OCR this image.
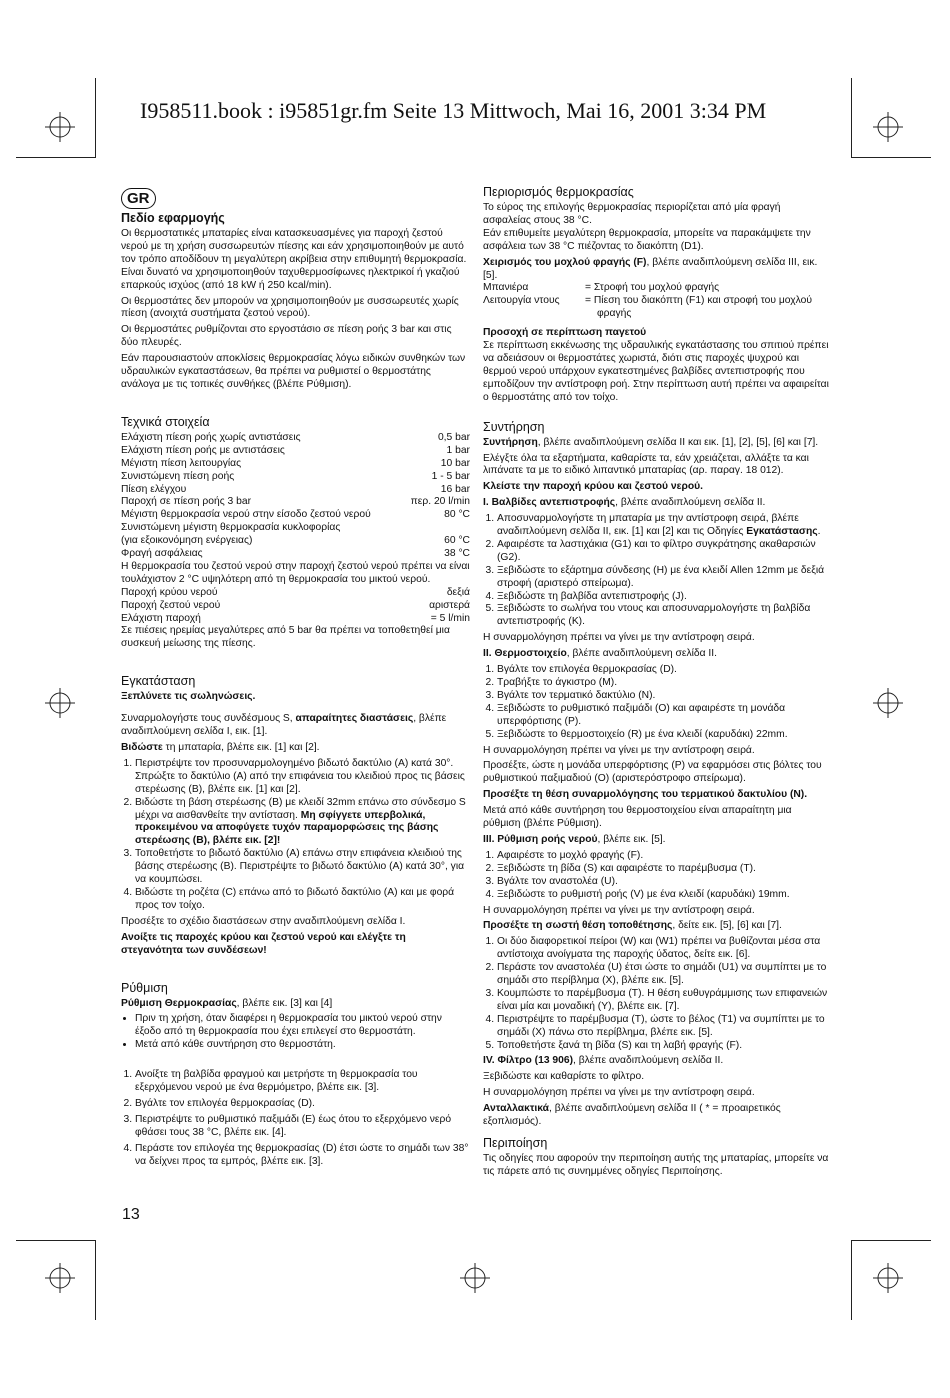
I958511.book : i95851gr.fm Seite 13 Mittwoch, Mai 16, 2001 3:34 PM
GR
Πεδίο εφαρμογής

Οι θερμοστατικές μπαταρίες είναι κατασκευασμένες για παροχή ζεστού νερού με τη χρήση συσσωρευτών πίεσης και εάν χρησιμοποιηθούν με αυτό τον τρόπο αποδίδουν τη μεγαλύτερη ακρίβεια στην επιθυμητή θερμοκρασία. Είναι δυνατό να χρησιμοποιηθούν ταχυθερμοσίφωνες ηλεκτρικοί ή γκαζιού επαρκούς ισχύος (από 18 kW ή 250 kcal/min).

Οι θερμοστάτες δεν μπορούν να χρησιμοποιηθούν με συσσωρευτές χωρίς πίεση (ανοιχτά συστήματα ζεστού νερού).

Οι θερμοστάτες ρυθμίζονται στο εργοστάσιο σε πίεση ροής 3 bar και στις δύο πλευρές.

Εάν παρουσιαστούν αποκλίσεις θερμοκρασίας λόγω ειδικών συνθηκών των υδραυλικών εγκαταστάσεων, θα πρέπει να ρυθμιστεί ο θερμοστάτης ανάλογα με τις τοπικές συνθήκες (βλέπε Ρύθμιση).

Τεχνικά στοιχεία
Ελάχιστη πίεση ροής χωρίς αντιστάσεις	0,5 bar
Ελάχιστη πίεση ροής με αντιστάσεις	1 bar
Μέγιστη πίεση λειτουργίας	10 bar
Συνιστώμενη πίεση ροής	1 - 5 bar
Πίεση ελέγχου	16 bar
Παροχή σε πίεση ροής 3 bar	περ. 20 l/min
Μέγιστη θερμοκρασία νερού στην είσοδο ζεστού νερού	80 °C
Συνιστώμενη μέγιστη θερμοκρασία κυκλοφορίας
(για εξοικονόμηση ενέργειας)	60 °C
Φραγή ασφάλειας	38 °C
Η θερμοκρασία του ζεστού νερού στην παροχή ζεστού νερού πρέπει να είναι τουλάχιστον 2 °C υψηλότερη από τη θερμοκρασία του μικτού νερού.
Παροχή κρύου νερού	δεξιά
Παροχή ζεστού νερού	αριστερά
Ελάχιστη παροχή	= 5 l/min

Σε πιέσεις ηρεμίας μεγαλύτερες από 5 bar θα πρέπει να τοποθετηθεί μια συσκευή μείωσης της πίεσης.

Εγκατάσταση

Ξεπλύνετε τις σωληνώσεις.

Συναρμολογήστε τους συνδέσμους S, απαραίτητες διαστάσεις, βλέπε αναδιπλούμενη σελίδα I, εικ. [1].

Βιδώστε τη μπαταρία, βλέπε εικ. [1] και [2].

1. Περιστρέψτε τον προσυναρμολογημένο βιδωτό δακτύλιο (A) κατά 30°. Σπρώξτε το δακτύλιο (A) από την επιφάνεια του κλειδιού προς τις βάσεις στερέωσης (B), βλέπε εικ. [1] και [2].
2. Βιδώστε τη βάση στερέωσης (B) με κλειδί 32mm επάνω στο σύνδεσμο S μέχρι να αισθανθείτε την αντίσταση. Μη σφίγγετε υπερβολικά, προκειμένου να αποφύγετε τυχόν παραμορφώσεις της βάσης στερέωσης (B), βλέπε εικ. [2]!
3. Τοποθετήστε το βιδωτό δακτύλιο (A) επάνω στην επιφάνεια κλειδιού της βάσης στερέωσης (B). Περιστρέψτε το βιδωτό δακτύλιο (A) κατά 30°, για να κουμπώσει.
4. Βιδώστε τη ροζέτα (C) επάνω από το βιδωτό δακτύλιο (A) και με φορά προς τον τοίχο.

Προσέξτε το σχέδιο διαστάσεων στην αναδιπλούμενη σελίδα I.

Ανοίξτε τις παροχές κρύου και ζεστού νερού και ελέγξτε τη στεγανότητα των συνδέσεων!

Ρύθμιση

Ρύθμιση Θερμοκρασίας, βλέπε εικ. [3] και [4]

• Πριν τη χρήση, όταν διαφέρει η θερμοκρασία του μικτού νερού στην έξοδο από τη θερμοκρασία που έχει επιλεγεί στο θερμοστάτη.
• Μετά από κάθε συντήρηση στο θερμοστάτη.
1. Ανοίξτε τη βαλβίδα φραγμού και μετρήστε τη θερμοκρασία του εξερχόμενου νερού με ένα θερμόμετρο, βλέπε εικ. [3].
2. Βγάλτε τον επιλογέα θερμοκρασίας (D).
3. Περιστρέψτε το ρυθμιστικό παξιμάδι (E) έως ότου το εξερχόμενο νερό φθάσει τους 38 °C, βλέπε εικ. [4].
4. Περάστε τον επιλογέα της θερμοκρασίας (D) έτσι ώστε το σημάδι των 38° να δείχνει προς τα εμπρός, βλέπε εικ. [3].
Περιορισμός θερμοκρασίας

Το εύρος της επιλογής θερμοκρασίας περιορίζεται από μία φραγή ασφαλείας στους 38 °C.

Εάν επιθυμείτε μεγαλύτερη θερμοκρασία, μπορείτε να παρακάμψετε την ασφάλεια των 38 °C πιέζοντας το διακόπτη (D1).

Χειρισμός του μοχλού φραγής (F), βλέπε αναδιπλούμενη σελίδα III, εικ. [5].

Μπανιέρα	= Στροφή του μοχλού φραγής
Λειτουργία ντους	= Πίεση του διακόπτη (F1) και στροφή του μοχλού φραγής

Προσοχή σε περίπτωση παγετού

Σε περίπτωση εκκένωσης της υδραυλικής εγκατάστασης του σπιτιού πρέπει να αδειάσουν οι θερμοστάτες χωριστά, διότι στις παροχές ψυχρού και θερμού νερού υπάρχουν εγκατεστημένες βαλβίδες αντεπιστροφής που εμποδίζουν την αντίστροφη ροή. Στην περίπτωση αυτή πρέπει να αφαιρείται ο θερμοστάτης από τον τοίχο.

Συντήρηση

Συντήρηση, βλέπε αναδιπλούμενη σελίδα II και εικ. [1], [2], [5], [6] και [7].

Ελέγξτε όλα τα εξαρτήματα, καθαρίστε τα, εάν χρειάζεται, αλλάξτε τα και λιπάνατε τα με το ειδικό λιπαντικό μπαταρίας (αρ. παραγ. 18 012).

Κλείστε την παροχή κρύου και ζεστού νερού.

I. Βαλβίδες αντεπιστροφής, βλέπε αναδιπλούμενη σελίδα II.

1. Αποσυναρμολογήστε τη μπαταρία με την αντίστροφη σειρά, βλέπε αναδιπλούμενη σελίδα II, εικ. [1] και [2] και τις Οδηγίες Εγκατάστασης.
2. Αφαιρέστε τα λαστιχάκια (G1) και το φίλτρο συγκράτησης ακαθαρσιών (G2).
3. Ξεβιδώστε το εξάρτημα σύνδεσης (H) με ένα κλειδί Allen 12mm με δεξιά στροφή (αριστερό σπείρωμα).
4. Ξεβιδώστε τη βαλβίδα αντεπιστροφής (J).
5. Ξεβιδώστε το σωλήνα του ντους και αποσυναρμολογήστε τη βαλβίδα αντεπιστροφής (K).

Η συναρμολόγηση πρέπει να γίνει με την αντίστροφη σειρά.

II. Θερμοστοιχείο, βλέπε αναδιπλούμενη σελίδα II.

1. Βγάλτε τον επιλογέα θερμοκρασίας (D).
2. Τραβήξτε το άγκιστρο (M).
3. Βγάλτε τον τερματικό δακτύλιο (N).
4. Ξεβιδώστε το ρυθμιστικό παξιμάδι (O) και αφαιρέστε τη μονάδα υπερφόρτισης (P).
5. Ξεβιδώστε το θερμοστοιχείο (R) με ένα κλειδί (καρυδάκι) 22mm.

Η συναρμολόγηση πρέπει να γίνει με την αντίστροφη σειρά.

Προσέξτε, ώστε η μονάδα υπερφόρτισης (P) να εφαρμόσει στις βόλτες του ρυθμιστικού παξιμαδιού (O) (αριστερόστροφο σπείρωμα).

Προσέξτε τη θέση συναρμολόγησης του τερματικού δακτυλίου (N).

Μετά από κάθε συντήρηση του θερμοστοιχείου είναι απαραίτητη μια ρύθμιση (βλέπε Ρύθμιση).

III. Ρύθμιση ροής νερού, βλέπε εικ. [5].

1. Αφαιρέστε το μοχλό φραγής (F).
2. Ξεβιδώστε τη βίδα (S) και αφαιρέστε το παρέμβυσμα (T).
3. Βγάλτε τον αναστολέα (U).
4. Ξεβιδώστε το ρυθμιστή ροής (V) με ένα κλειδί (καρυδάκι) 19mm.

Η συναρμολόγηση πρέπει να γίνει με την αντίστροφη σειρά.

Προσέξτε τη σωστή θέση τοποθέτησης, δείτε εικ. [5], [6] και [7].

1. Οι δύο διαφορετικοί πείροι (W) και (W1) πρέπει να βυθίζονται μέσα στα αντίστοιχα ανοίγματα της παροχής ύδατος, δείτε εικ. [6].
2. Περάστε τον αναστολέα (U) έτσι ώστε το σημάδι (U1) να συμπίπτει με το σημάδι στο περίβλημα (X), βλέπε εικ. [5].
3. Κουμπώστε το παρέμβυσμα (T). Η θέση ευθυγράμμισης των επιφανειών είναι μία και μοναδική (Y), βλέπε εικ. [7].
4. Περιστρέψτε το παρέμβυσμα (T), ώστε το βέλος (T1) να συμπίπτει με το σημάδι (X) πάνω στο περίβλημα, βλέπε εικ. [5].
5. Τοποθετήστε ξανά τη βίδα (S) και τη λαβή φραγής (F).

IV. Φίλτρο (13 906), βλέπε αναδιπλούμενη σελίδα II.

Ξεβιδώστε και καθαρίστε το φίλτρο.

Η συναρμολόγηση πρέπει να γίνει με την αντίστροφη σειρά.

Ανταλλακτικά, βλέπε αναδιπλούμενη σελίδα II ( * = προαιρετικός εξοπλισμός).

Περιποίηση

Τις οδηγίες που αφορούν την περιποίηση αυτής της μπαταρίας, μπορείτε να τις πάρετε από τις συνημμένες οδηγίες Περιποίησης.

13
